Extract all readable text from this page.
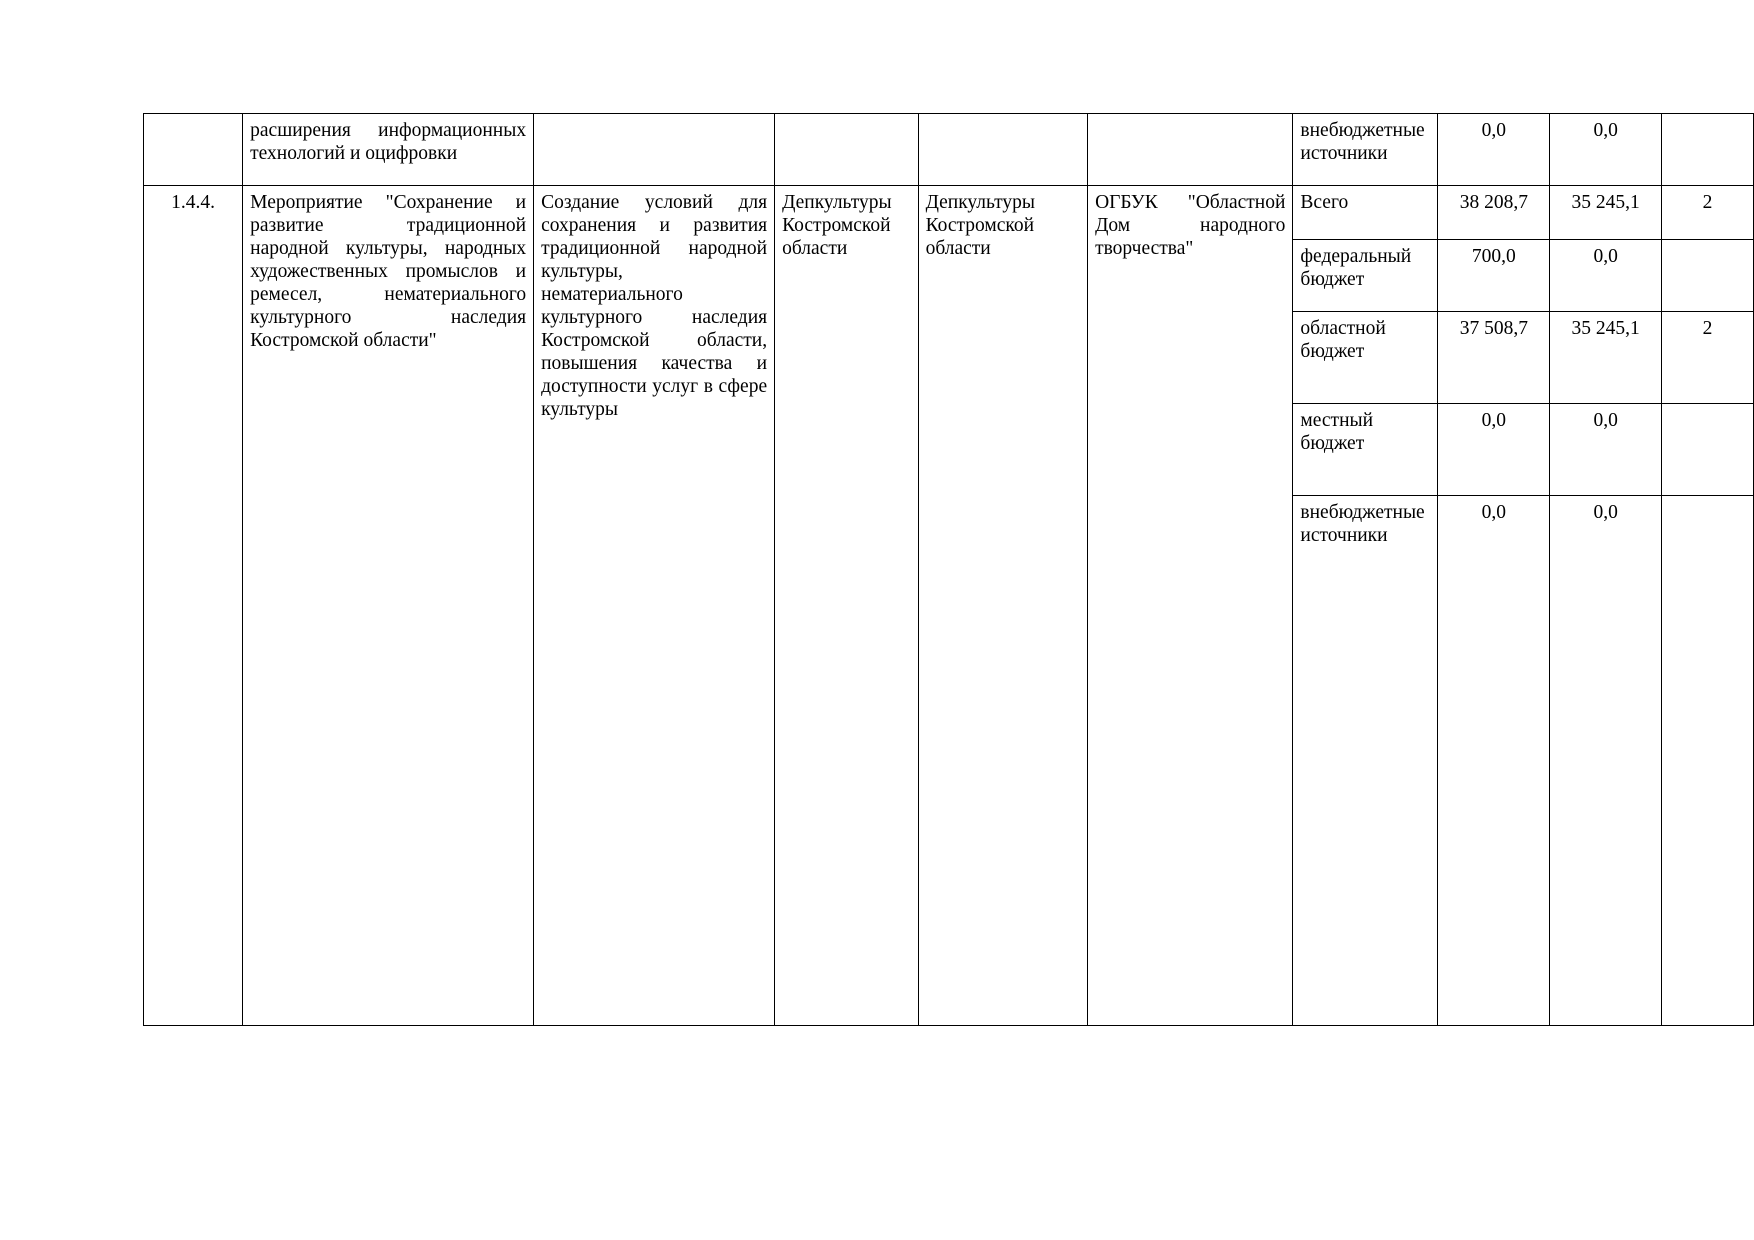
	расширения информационных технологий и оцифровки					внебюджетные источники	0,0	0,0	
1.4.4.	Мероприятие "Сохранение и развитие традиционной народной культуры, народных художественных промыслов и ремесел, нематериального культурного наследия Костромской области"	Создание условий для сохранения и развития традиционной народной культуры, нематериального культурного наследия Костромской области, повышения качества и доступности услуг в сфере культуры	Депкультуры Костромской области	Депкультуры Костромской области	ОГБУК "Областной Дом народного творчества"	Всего	38 208,7	35 245,1	2
						федеральный бюджет	700,0	0,0	
						областной бюджет	37 508,7	35 245,1	2
						местный бюджет	0,0	0,0	
						внебюджетные источники	0,0	0,0	
